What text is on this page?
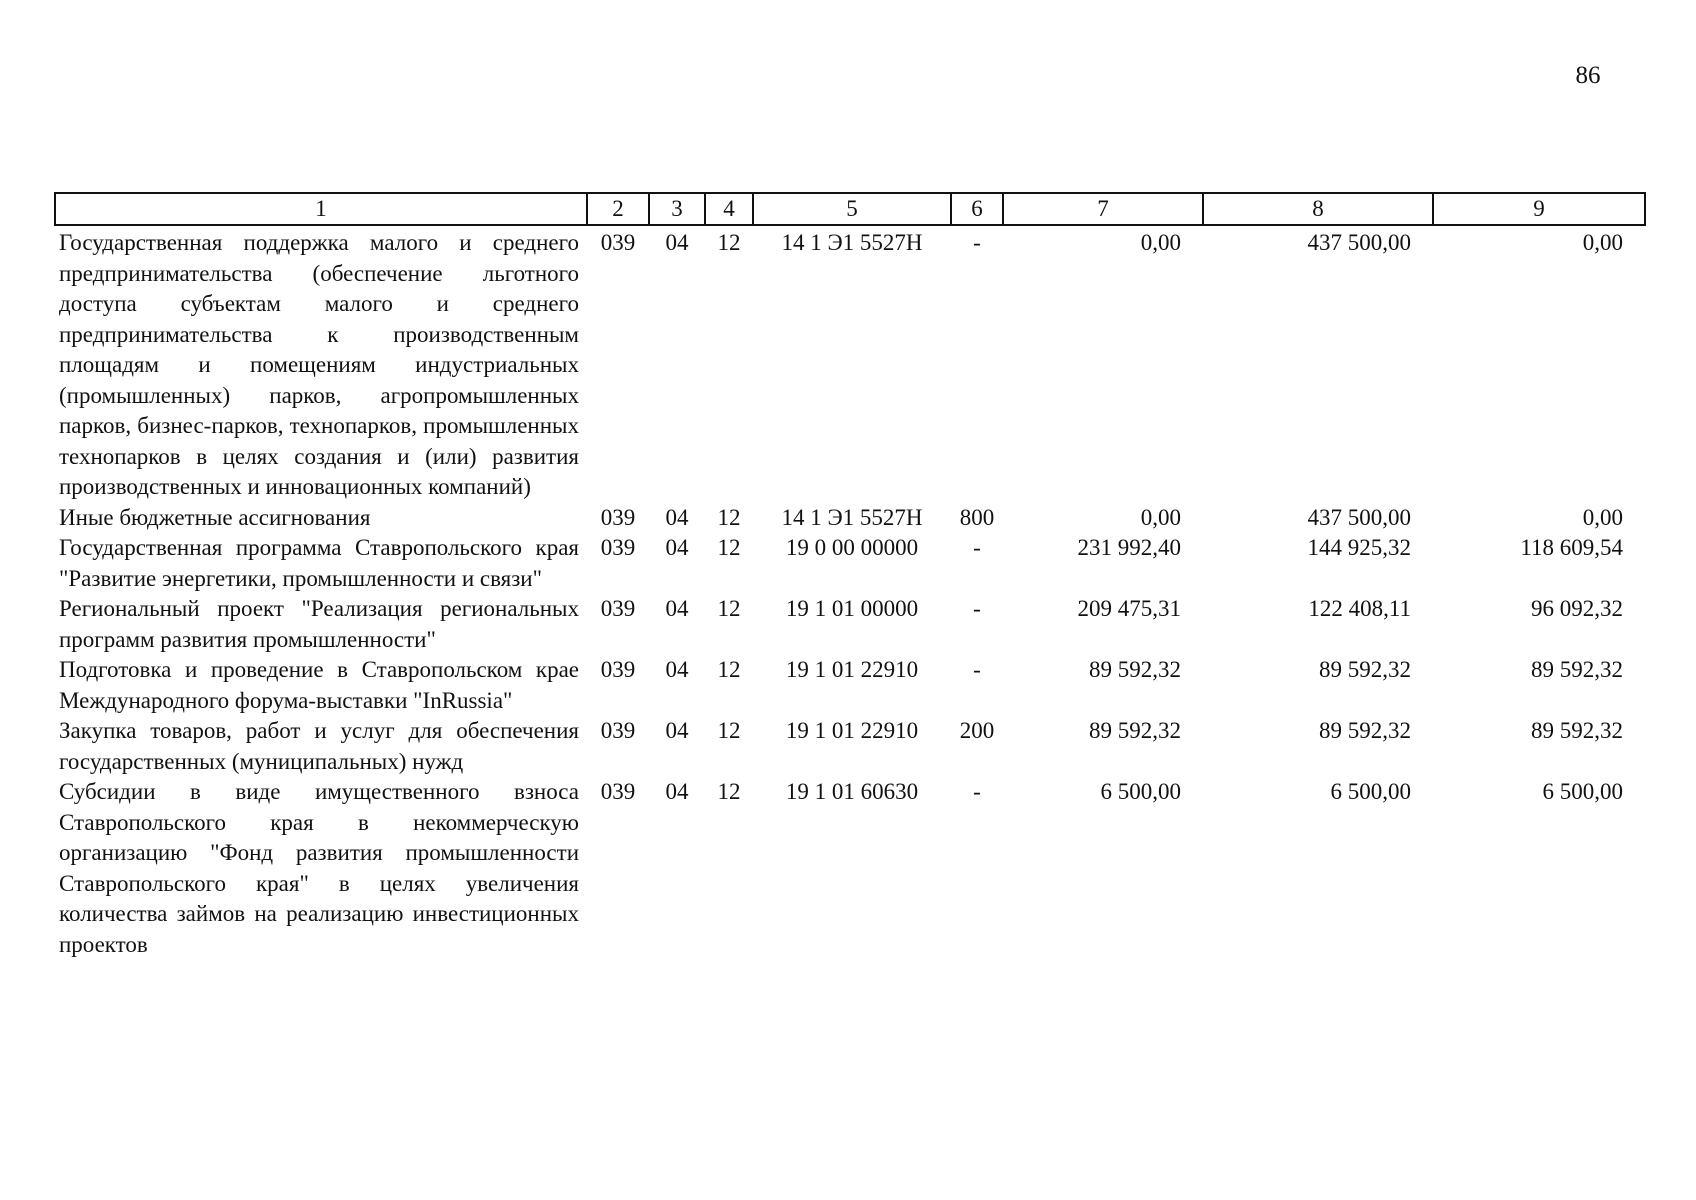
86
1	2	3	4	5	6	7	8	9
Государственная поддержка малого и среднего предпринимательства (обеспечение льготного доступа субъектам малого и среднего предпринимательства к производственным площадям и помещениям индустриальных (промышленных) парков, агропромышленных парков, бизнес-парков, технопарков, промышленных технопарков в целях создания и (или) развития производственных и инновационных компаний)	039	04	12	14 1 Э1 5527Н	-	0,00	437 500,00	0,00
Иные бюджетные ассигнования	039	04	12	14 1 Э1 5527Н	800	0,00	437 500,00	0,00
Государственная программа Ставропольского края "Развитие энергетики, промышленности и связи"	039	04	12	19 0 00 00000	-	231 992,40	144 925,32	118 609,54
Региональный проект "Реализация региональных программ развития промышленности"	039	04	12	19 1 01 00000	-	209 475,31	122 408,11	96 092,32
Подготовка и проведение в Ставропольском крае Международного форума-выставки "InRussia"	039	04	12	19 1 01 22910	-	89 592,32	89 592,32	89 592,32
Закупка товаров, работ и услуг для обеспечения государственных (муниципальных) нужд	039	04	12	19 1 01 22910	200	89 592,32	89 592,32	89 592,32
Субсидии в виде имущественного взноса Ставропольского края в некоммерческую организацию "Фонд развития промышленности Ставропольского края" в целях увеличения количества займов на реализацию инвестиционных проектов	039	04	12	19 1 01 60630	-	6 500,00	6 500,00	6 500,00
